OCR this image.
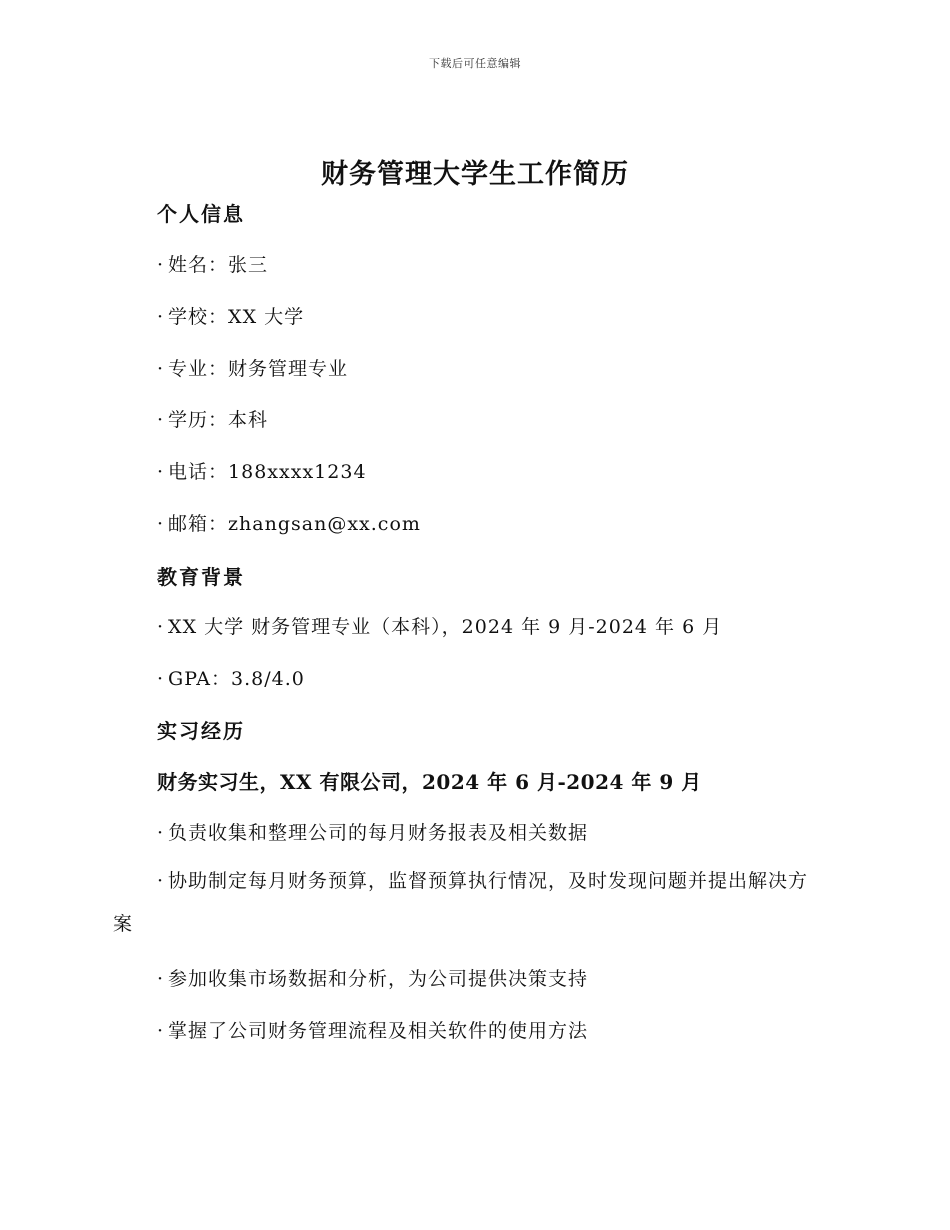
下载后可任意编辑
财务管理大学生工作简历
个人信息
· 姓名：张三
· 学校：XX 大学
· 专业：财务管理专业
· 学历：本科
· 电话：188xxxx1234
· 邮箱：zhangsan@xx.com
教育背景
· XX 大学 财务管理专业（本科），2024 年 9 月-2024 年 6 月
· GPA：3.8/4.0
实习经历
财务实习生，XX 有限公司，2024 年 6 月-2024 年 9 月
· 负责收集和整理公司的每月财务报表及相关数据
· 协助制定每月财务预算，监督预算执行情况，及时发现问题并提出解决方案
· 参加收集市场数据和分析，为公司提供决策支持
· 掌握了公司财务管理流程及相关软件的使用方法
